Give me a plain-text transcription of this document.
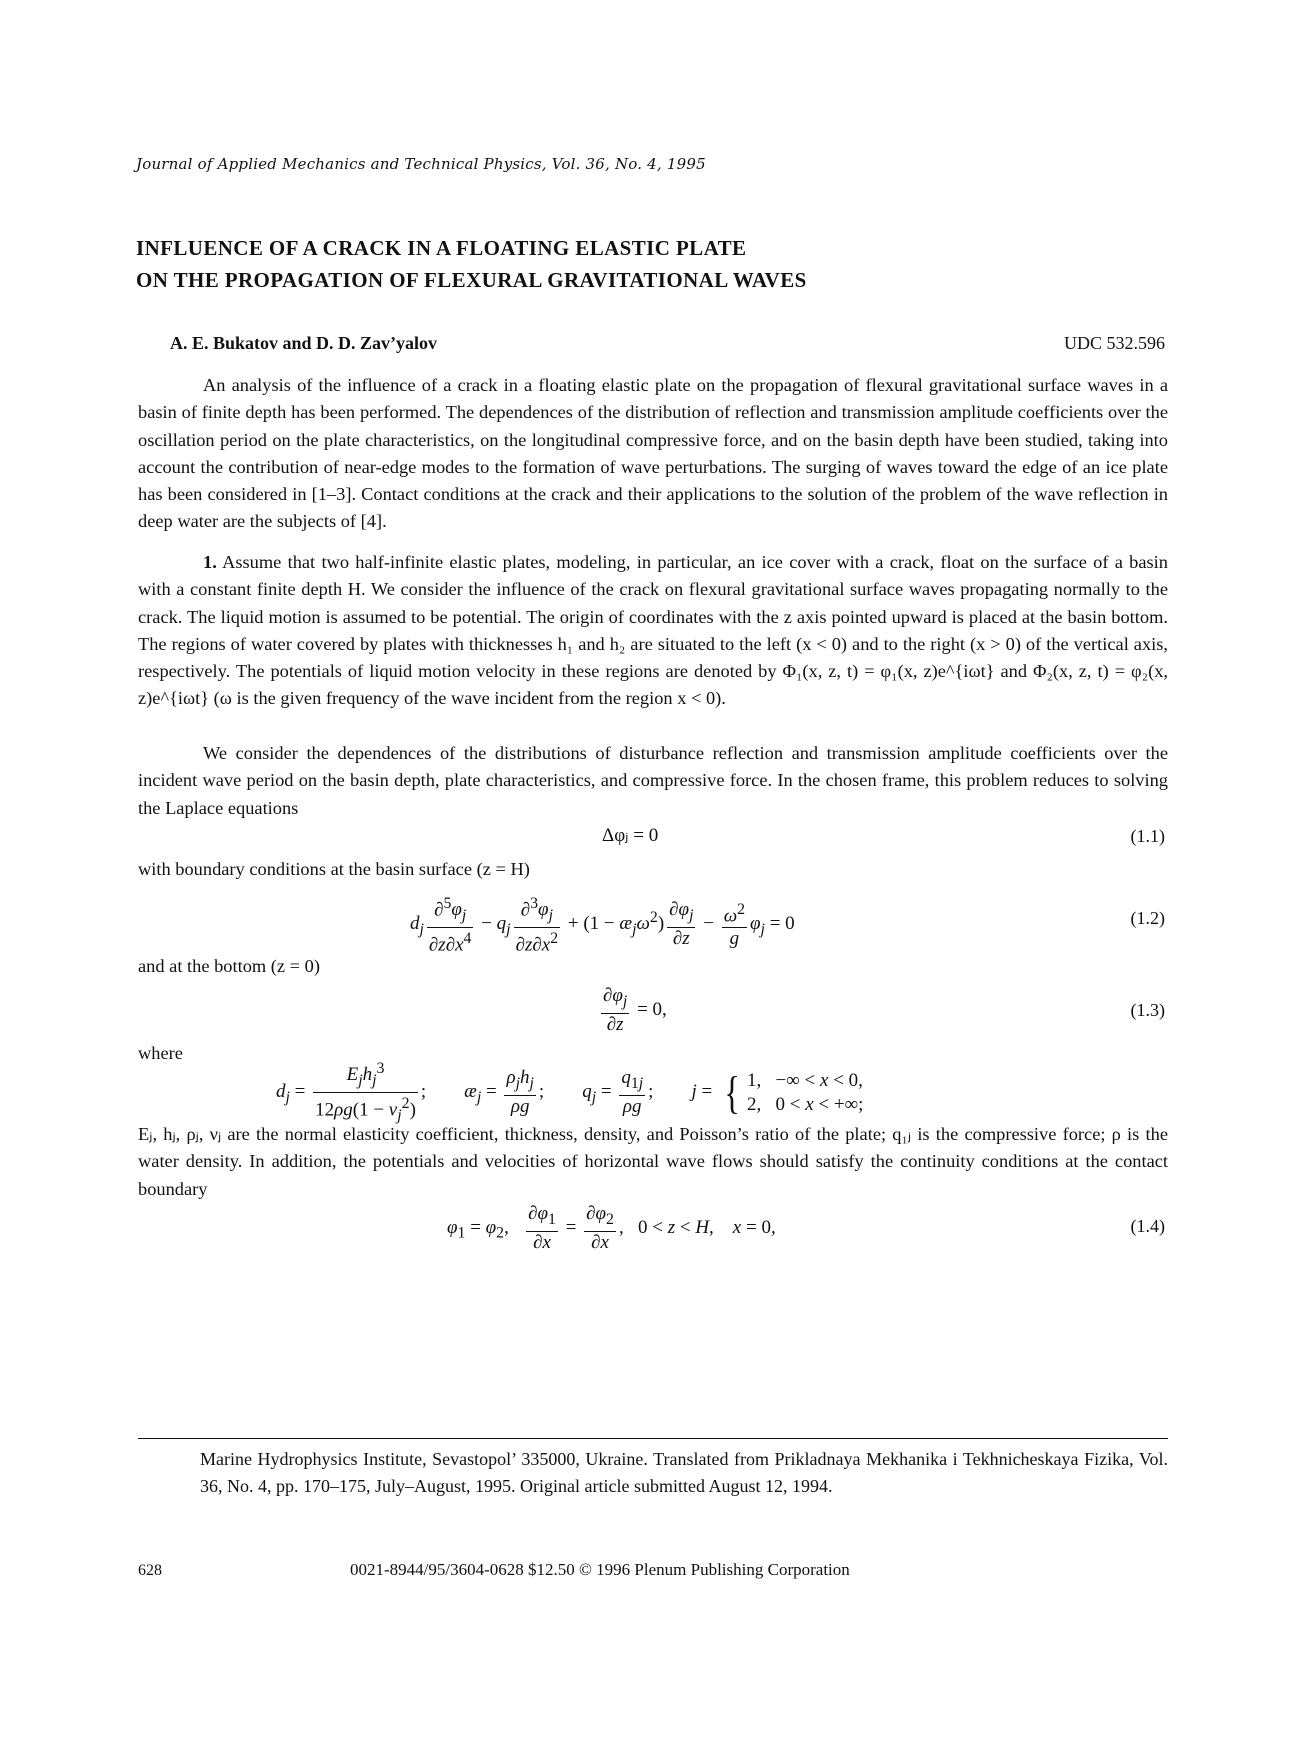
Journal of Applied Mechanics and Technical Physics, Vol. 36, No. 4, 1995
INFLUENCE OF A CRACK IN A FLOATING ELASTIC PLATE
ON THE PROPAGATION OF FLEXURAL GRAVITATIONAL WAVES
A. E. Bukatov and D. D. Zav’yalov	UDC 532.596
An analysis of the influence of a crack in a floating elastic plate on the propagation of flexural gravitational surface waves in a basin of finite depth has been performed. The dependences of the distribution of reflection and transmission amplitude coefficients over the oscillation period on the plate characteristics, on the longitudinal compressive force, and on the basin depth have been studied, taking into account the contribution of near-edge modes to the formation of wave perturbations. The surging of waves toward the edge of an ice plate has been considered in [1–3]. Contact conditions at the crack and their applications to the solution of the problem of the wave reflection in deep water are the subjects of [4].
1. Assume that two half-infinite elastic plates, modeling, in particular, an ice cover with a crack, float on the surface of a basin with a constant finite depth H. We consider the influence of the crack on flexural gravitational surface waves propagating normally to the crack. The liquid motion is assumed to be potential. The origin of coordinates with the z axis pointed upward is placed at the basin bottom. The regions of water covered by plates with thicknesses h₁ and h₂ are situated to the left (x < 0) and to the right (x > 0) of the vertical axis, respectively. The potentials of liquid motion velocity in these regions are denoted by Φ₁(x, z, t) = φ₁(x, z)e^{iωt} and Φ₂(x, z, t) = φ₂(x, z)e^{iωt} (ω is the given frequency of the wave incident from the region x < 0).
We consider the dependences of the distributions of disturbance reflection and transmission amplitude coefficients over the incident wave period on the basin depth, plate characteristics, and compressive force. In the chosen frame, this problem reduces to solving the Laplace equations
Δφⱼ = 0	(1.1)
with boundary conditions at the basin surface (z = H)
$d_j \frac{\partial^5\varphi_j}{\partial z\partial x^4} - q_j \frac{\partial^3\varphi_j}{\partial z\partial x^2} + (1$ − $æ_j\omega^2) \frac{\partial\varphi_j}{\partial z} - \frac{\omega^2}{g} \varphi_j = 0$	(1.2)
and at the bottom (z = 0)
$\frac{\partial\varphi_j}{\partial z} = 0$,	(1.3)
where
$d_j = \frac{E_jh_j^3}{12\rho g(1 - \nu_j^2)}$ ;        $æ_j = \frac{\rho_jh_j}{\rho g}$ ;        $q_j = \frac{q_{1j}}{\rho g}$ ;        j = { 1,   −∞ < x < 0,
2,   0 < x < +∞;
Eⱼ, hⱼ, ρⱼ, νⱼ are the normal elasticity coefficient, thickness, density, and Poisson’s ratio of the plate; q₁ⱼ is the compressive force; ρ is the water density. In addition, the potentials and velocities of horizontal wave flows should satisfy the continuity conditions at the contact boundary
$\varphi_1 = \varphi_2$, $\frac{\partial\varphi_1}{\partial x} = \frac{\partial\varphi_2}{\partial x}$ ,   0 < z < H,    x = 0,	(1.4)
Marine Hydrophysics Institute, Sevastopol’ 335000, Ukraine. Translated from Prikladnaya Mekhanika i Tekhnicheskaya Fizika, Vol. 36, No. 4, pp. 170–175, July–August, 1995. Original article submitted August 12, 1994.
628	0021-8944/95/3604-0628 $12.50 © 1996 Plenum Publishing Corporation
